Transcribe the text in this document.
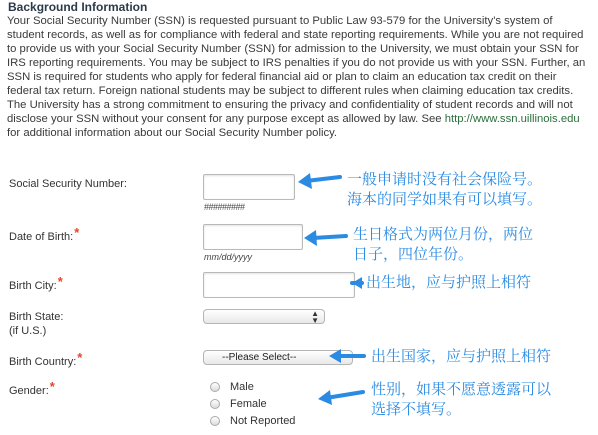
Background Information

Your Social Security Number (SSN) is requested pursuant to Public Law 93-579 for the University's system of student records, as well as for compliance with federal and state reporting requirements. While you are not required to provide us with your Social Security Number (SSN) for admission to the University, we must obtain your SSN for IRS reporting requirements. You may be subject to IRS penalties if you do not provide us with your SSN. Further, an SSN is required for students who apply for federal financial aid or plan to claim an education tax credit on their federal tax return. Foreign national students may be subject to different rules when claiming education tax credits. The University has a strong commitment to ensuring the privacy and confidentiality of student records and will not disclose your SSN without your consent for any purpose except as allowed by law. See http://www.ssn.uillinois.edu for additional information about our Social Security Number policy.

Social Security Number:
#########
Date of Birth:*
mm/dd/yyyy
Birth City:*
Birth State:
(if U.S.)
▲
▼
Birth Country:*	--Please Select--
Gender:*	Male
Female
Not Reported
一般申请时没有社会保险号。
海本的同学如果有可以填写。
生日格式为两位月份，两位
日子，四位年份。
出生地，应与护照上相符
出生国家，应与护照上相符
性别，如果不愿意透露可以
选择不填写。
